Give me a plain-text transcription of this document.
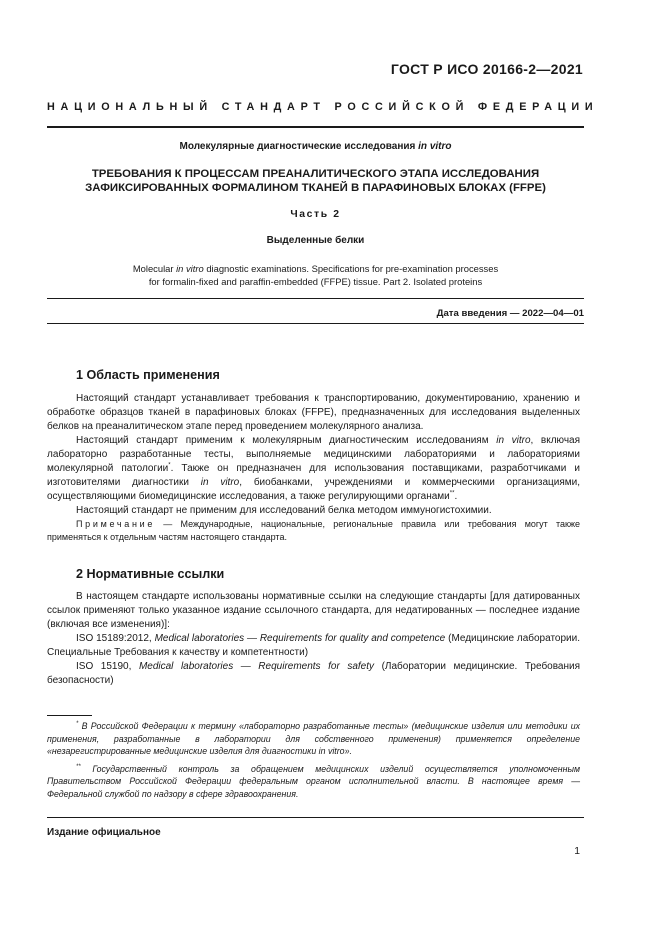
ГОСТ Р ИСО 20166-2—2021
НАЦИОНАЛЬНЫЙ СТАНДАРТ РОССИЙСКОЙ ФЕДЕРАЦИИ
Молекулярные диагностические исследования in vitro
ТРЕБОВАНИЯ К ПРОЦЕССАМ ПРЕАНАЛИТИЧЕСКОГО ЭТАПА ИССЛЕДОВАНИЯ
ЗАФИКСИРОВАННЫХ ФОРМАЛИНОМ ТКАНЕЙ В ПАРАФИНОВЫХ БЛОКАХ (FFPE)
Часть 2
Выделенные белки
Molecular in vitro diagnostic examinations. Specifications for pre-examination processes
for formalin-fixed and paraffin-embedded (FFPE) tissue. Part 2. Isolated proteins
Дата введения — 2022—04—01
1 Область применения

Настоящий стандарт устанавливает требования к транспортированию, документированию, хранению и обработке образцов тканей в парафиновых блоках (FFPE), предназначенных для исследования выделенных белков на преаналитическом этапе перед проведением молекулярного анализа.

Настоящий стандарт применим к молекулярным диагностическим исследованиям in vitro, включая лабораторно разработанные тесты, выполняемые медицинскими лабораториями и лабораториями молекулярной патологии*. Также он предназначен для использования поставщиками, разработчиками и изготовителями диагностики in vitro, биобанками, учреждениями и коммерческими организациями, осуществляющими биомедицинские исследования, а также регулирующими органами**.

Настоящий стандарт не применим для исследований белка методом иммуногистохимии.

Примечание — Международные, национальные, региональные правила или требования могут также применяться к отдельным частям настоящего стандарта.

2 Нормативные ссылки

В настоящем стандарте использованы нормативные ссылки на следующие стандарты [для датированных ссылок применяют только указанное издание ссылочного стандарта, для недатированных — последнее издание (включая все изменения)]:

ISO 15189:2012, Medical laboratories — Requirements for quality and competence (Медицинские лаборатории. Специальные Требования к качеству и компетентности)

ISO 15190, Medical laboratories — Requirements for safety (Лаборатории медицинские. Требования безопасности)

* В Российской Федерации к термину «лабораторно разработанные тесты» (медицинские изделия или методики их применения, разработанные в лаборатории для собственного применения) применяется определение «незарегистрированные медицинские изделия для диагностики in vitro».

** Государственный контроль за обращением медицинских изделий осуществляется уполномоченным Правительством Российской Федерации федеральным органом исполнительной власти. В настоящее время — Федеральной службой по надзору в сфере здравоохранения.

Издание официальное
1
